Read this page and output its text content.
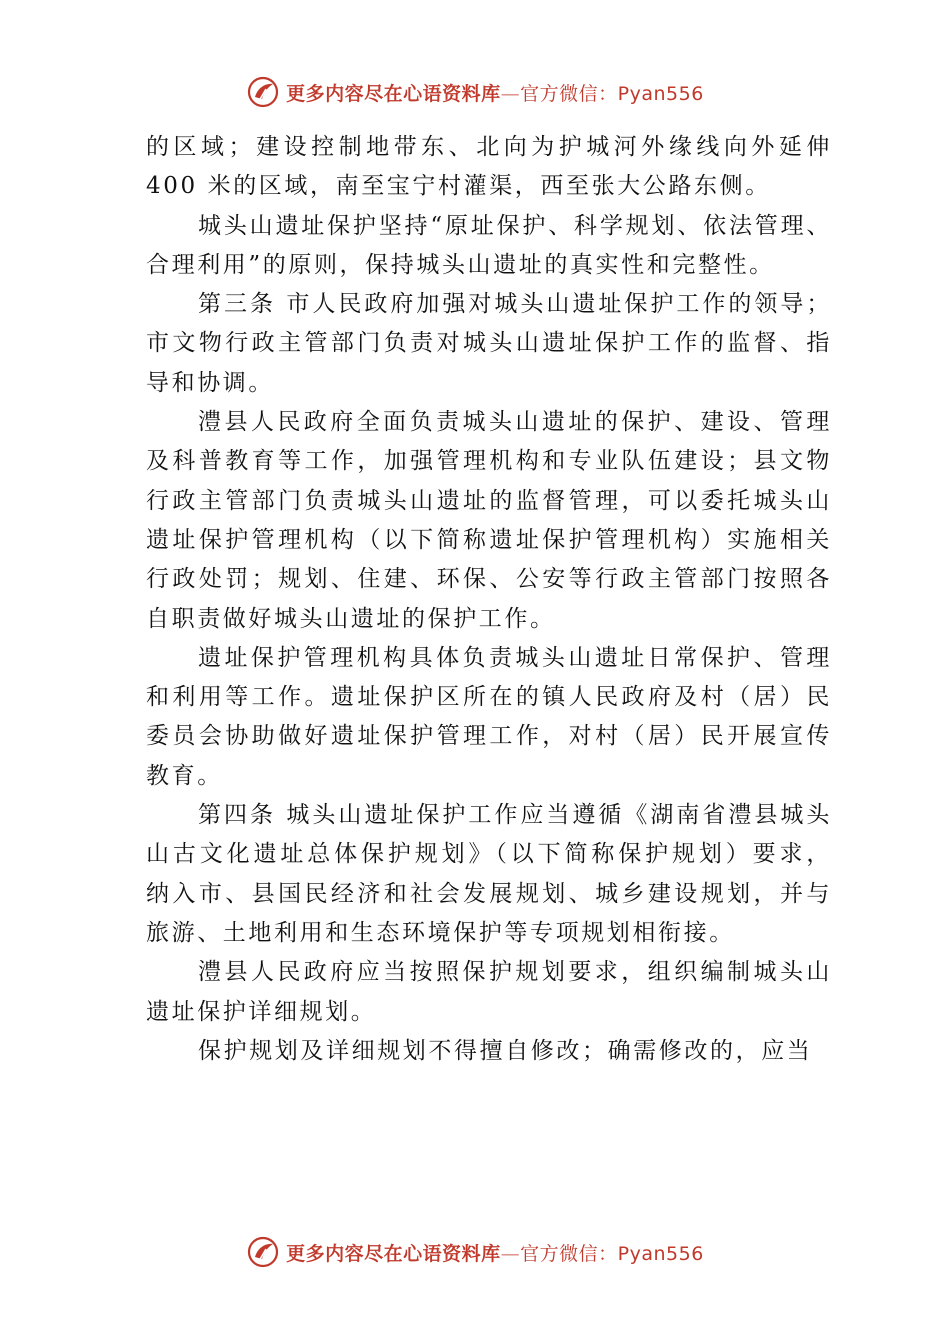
更多内容尽在心语资料库—官方微信：Pyan556

的区域；建设控制地带东、北向为护城河外缘线向外延伸 400 米的区域，南至宝宁村灌渠，西至张大公路东侧。

城头山遗址保护坚持“原址保护、科学规划、依法管理、合理利用”的原则，保持城头山遗址的真实性和完整性。

第三条 市人民政府加强对城头山遗址保护工作的领导；市文物行政主管部门负责对城头山遗址保护工作的监督、指导和协调。

澧县人民政府全面负责城头山遗址的保护、建设、管理及科普教育等工作，加强管理机构和专业队伍建设；县文物行政主管部门负责城头山遗址的监督管理，可以委托城头山遗址保护管理机构（以下简称遗址保护管理机构）实施相关行政处罚；规划、住建、环保、公安等行政主管部门按照各自职责做好城头山遗址的保护工作。

遗址保护管理机构具体负责城头山遗址日常保护、管理和利用等工作。遗址保护区所在的镇人民政府及村（居）民委员会协助做好遗址保护管理工作，对村（居）民开展宣传教育。

第四条 城头山遗址保护工作应当遵循《湖南省澧县城头山古文化遗址总体保护规划》（以下简称保护规划）要求， 纳入市、县国民经济和社会发展规划、城乡建设规划，并与旅游、土地利用和生态环境保护等专项规划相衔接。

澧县人民政府应当按照保护规划要求，组织编制城头山遗址保护详细规划。

保护规划及详细规划不得擅自修改；确需修改的，应当

更多内容尽在心语资料库—官方微信：Pyan556
